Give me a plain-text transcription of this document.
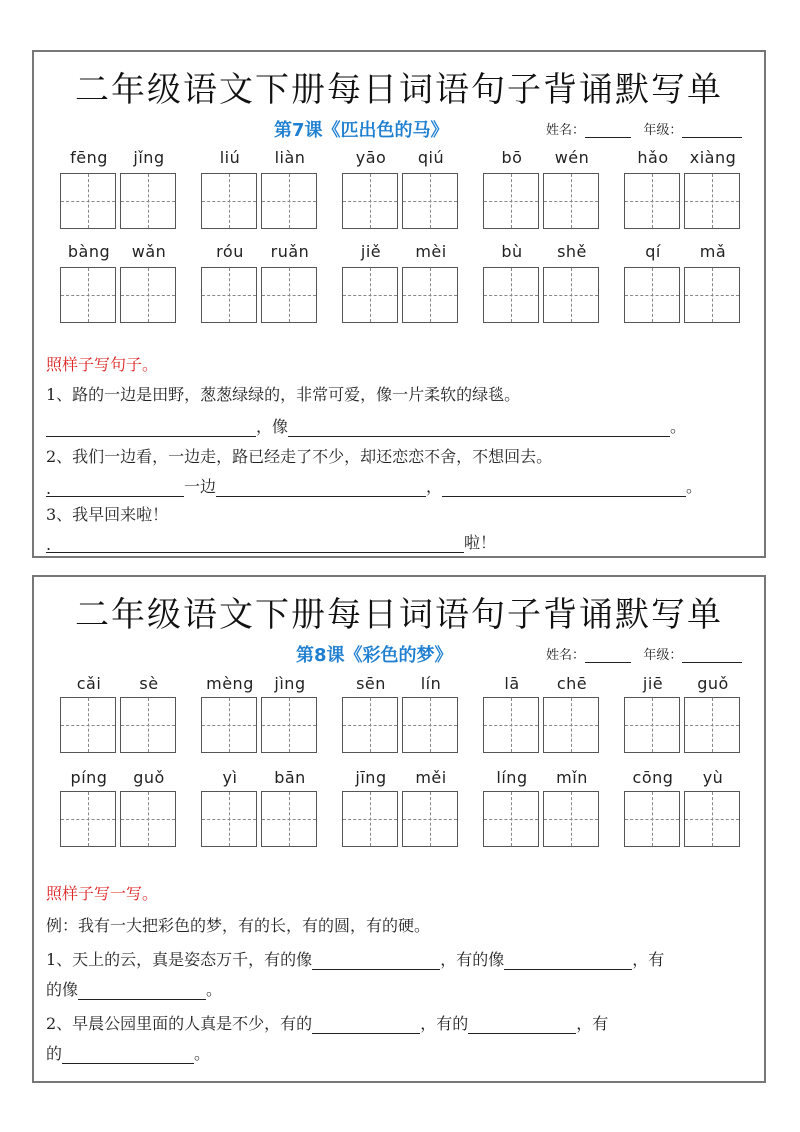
二年级语文下册每日词语句子背诵默写单
第7课《匹出色的马》	姓名：	年级：
fēng	jǐng	liú	liàn	yāo	qiú	bō	wén	hǎo	xiàng
bàng	wǎn	róu	ruǎn	jiě	mèi	bù	shě	qí	mǎ
照样子写句子。
1、路的一边是田野，葱葱绿绿的，非常可爱，像一片柔软的绿毯。
，像	。
2、我们一边看，一边走，路已经走了不少，却还恋恋不舍，不想回去。
.	一边	，	。
3、我早回来啦！
.	啦！
二年级语文下册每日词语句子背诵默写单
第8课《彩色的梦》	姓名：	年级：
cǎi	sè	mèng	jìng	sēn	lín	lā	chē	jiē	guǒ
píng	guǒ	yì	bān	jīng	měi	líng	mǐn	cōng	yù
照样子写一写。
例：我有一大把彩色的梦，有的长，有的圆，有的硬。
1、天上的云，真是姿态万千，有的像	，有的像	，有
的像	。
2、早晨公园里面的人真是不少，有的	，有的	，有
的	。
